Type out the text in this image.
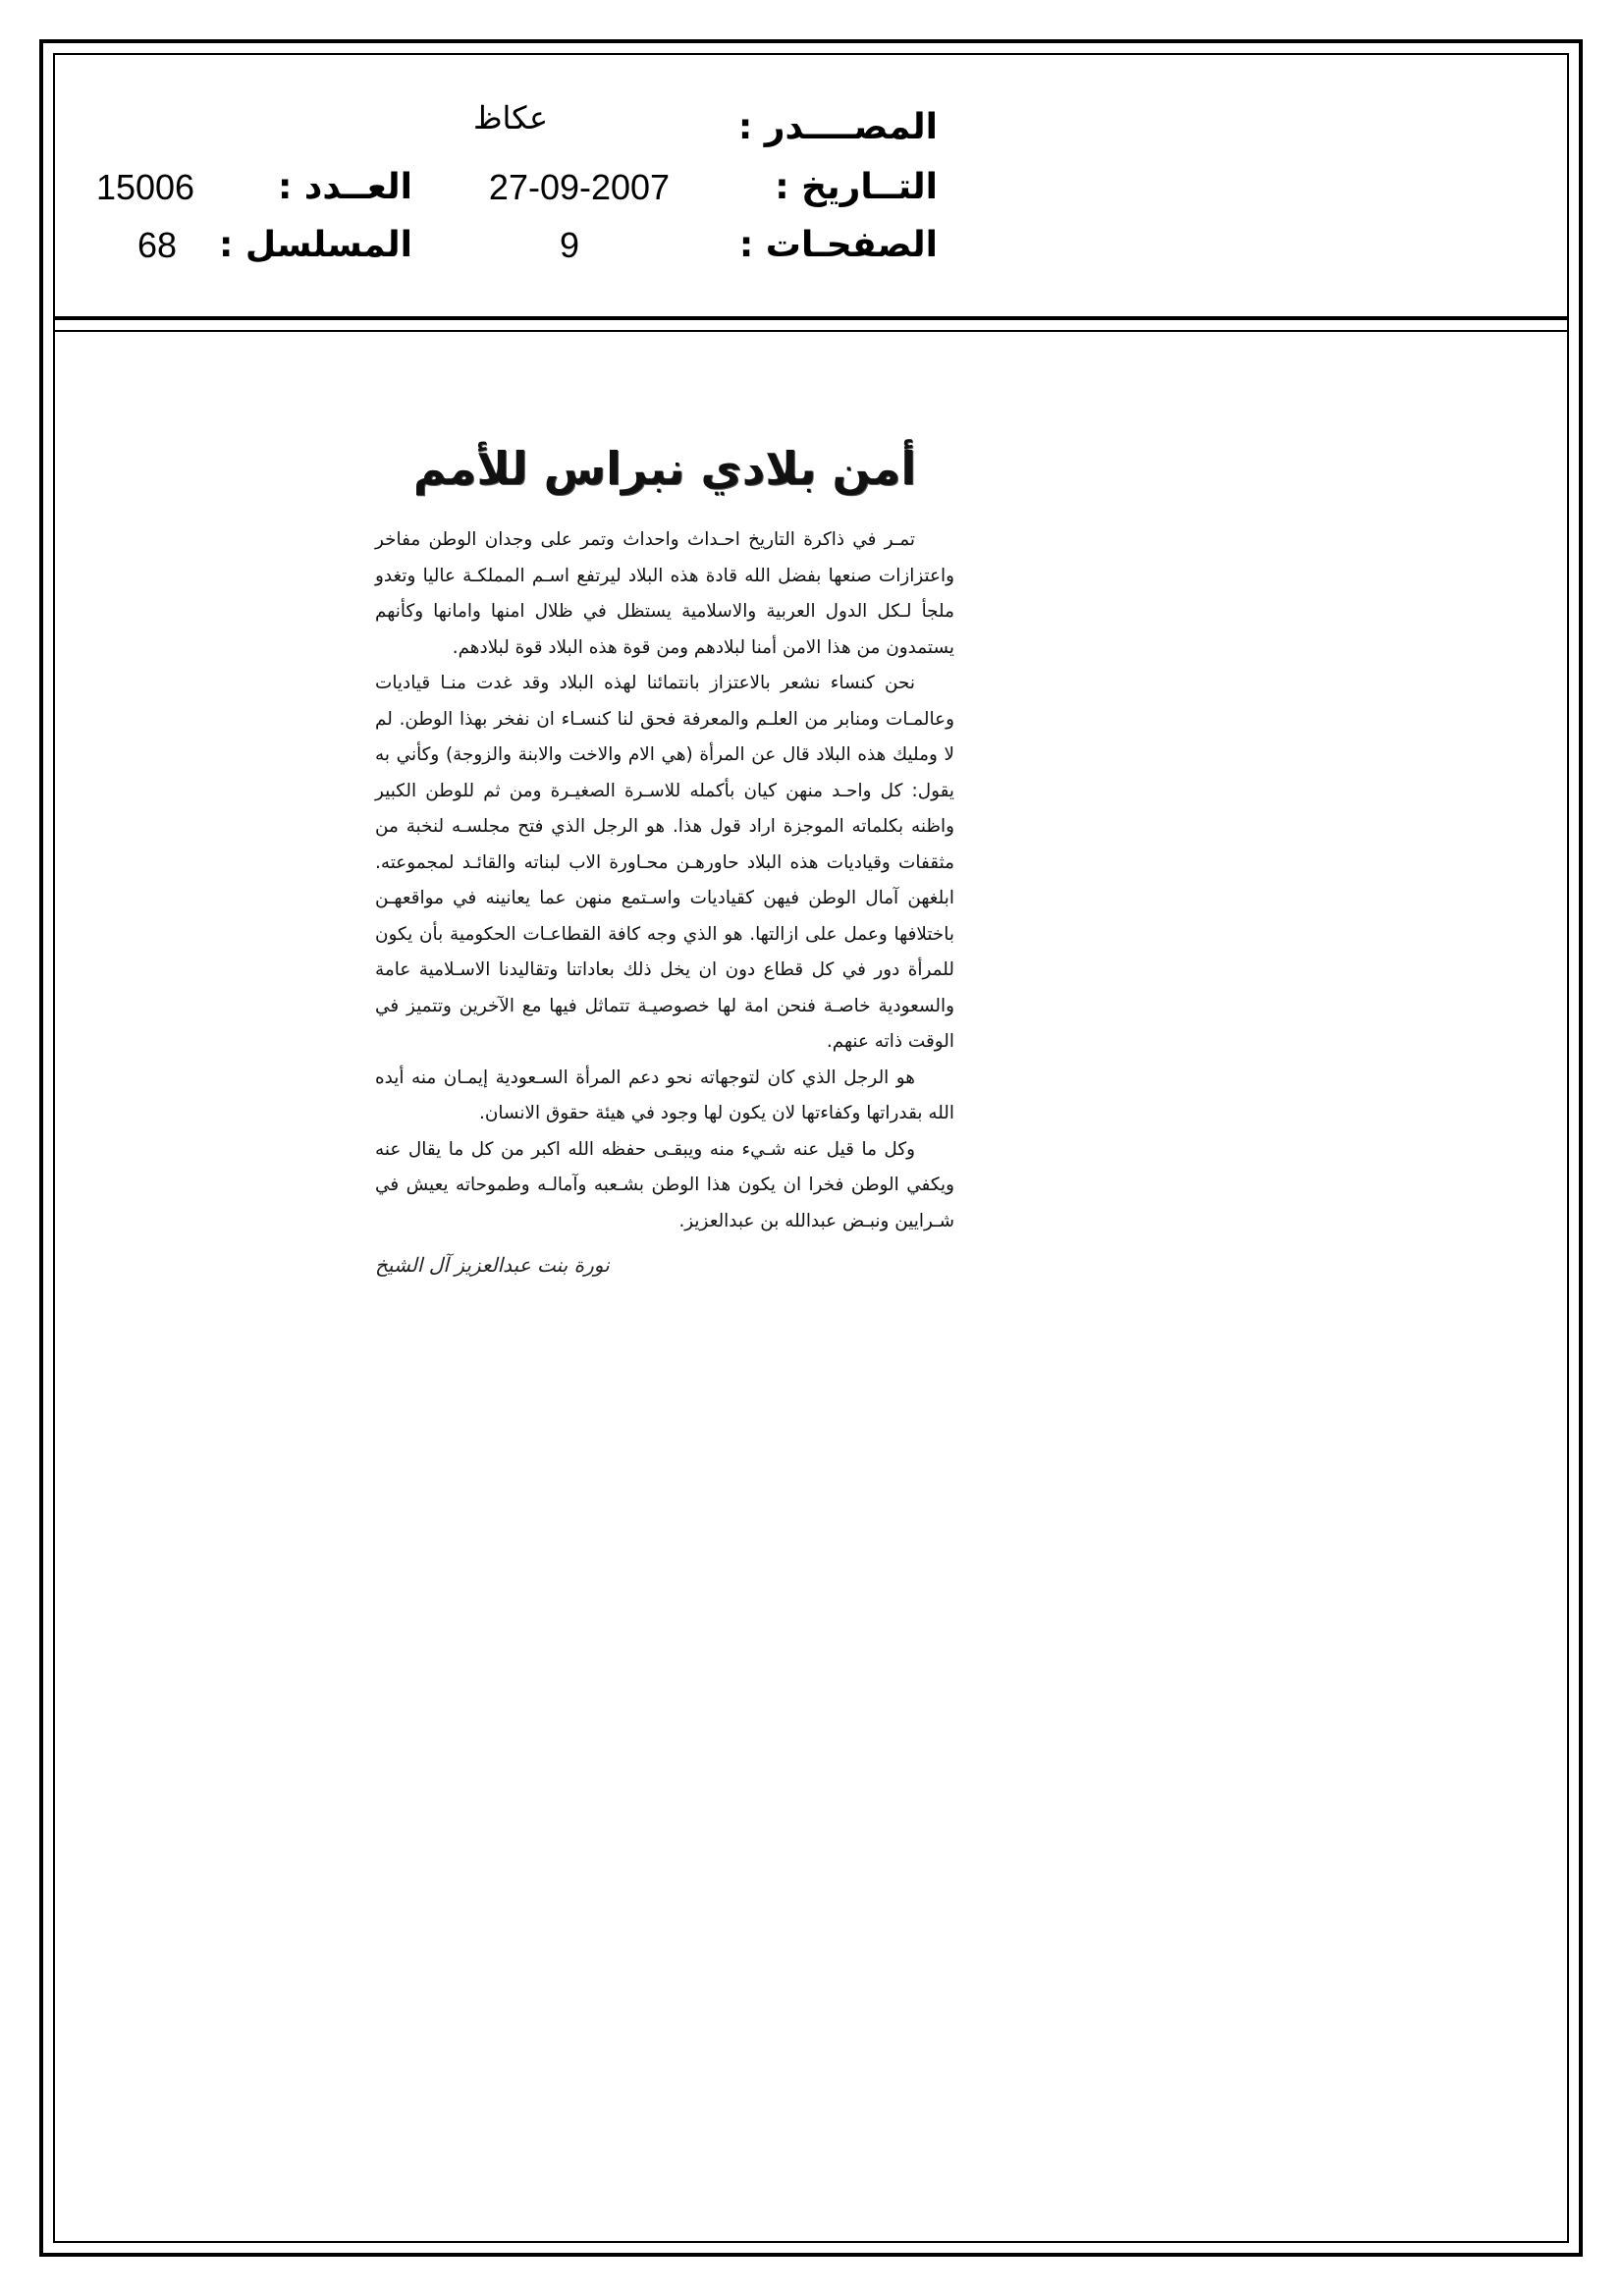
المصــــدر :
عكاظ
التــاريخ :
27-09-2007
العــدد :
15006
الصفحـات :
9
المسلسل :
68
أمن بلادي نبراس للأمم

تمـر في ذاكرة التاريخ احـداث واحداث وتمر على وجدان الوطن مفاخر واعتزازات صنعها بفضل الله قادة هذه البلاد ليرتفع اسـم المملكـة عاليا وتغدو ملجأ لـكل الدول العربية والاسلامية يستظل في ظلال امنها وامانها وكأنهم يستمدون من هذا الامن أمنا لبلادهم ومن قوة هذه البلاد قوة لبلادهم.

نحن كنساء نشعر بالاعتزاز بانتمائنا لهذه البلاد وقد غدت منـا قياديات وعالمـات ومنابر من العلـم والمعرفة فحق لنا كنسـاء ان نفخر بهذا الوطن. لم لا ومليك هذه البلاد قال عن المرأة (هي الام والاخت والابنة والزوجة) وكأني به يقول: كل واحـد منهن كيان بأكمله للاسـرة الصغيـرة ومن ثم للوطن الكبير واظنه بكلماته الموجزة اراد قول هذا. هو الرجل الذي فتح مجلسـه لنخبة من مثقفات وقياديات هذه البلاد حاورهـن محـاورة الاب لبناته والقائـد لمجموعته. ابلغهن آمال الوطن فيهن كقياديات واسـتمع منهن عما يعانينه في مواقعهـن باختلافها وعمل على ازالتها. هو الذي وجه كافة القطاعـات الحكومية بأن يكون للمرأة دور في كل قطاع دون ان يخل ذلك بعاداتنا وتقاليدنا الاسـلامية عامة والسعودية خاصـة فنحن امة لها خصوصيـة تتماثل فيها مع الآخرين وتتميز في الوقت ذاته عنهم.

هو الرجل الذي كان لتوجهاته نحو دعم المرأة السـعودية إيمـان منه أيده الله بقدراتها وكفاءتها لان يكون لها وجود في هيئة حقوق الانسان.

وكل ما قيل عنه شـيء منه ويبقـى حفظه الله اكبر من كل ما يقال عنه ويكفي الوطن فخرا ان يكون هذا الوطن بشـعبه وآمالـه وطموحاته يعيش في شـرايين ونبـض عبدالله بن عبدالعزيز.

نورة بنت عبدالعزيز آل الشيخ
